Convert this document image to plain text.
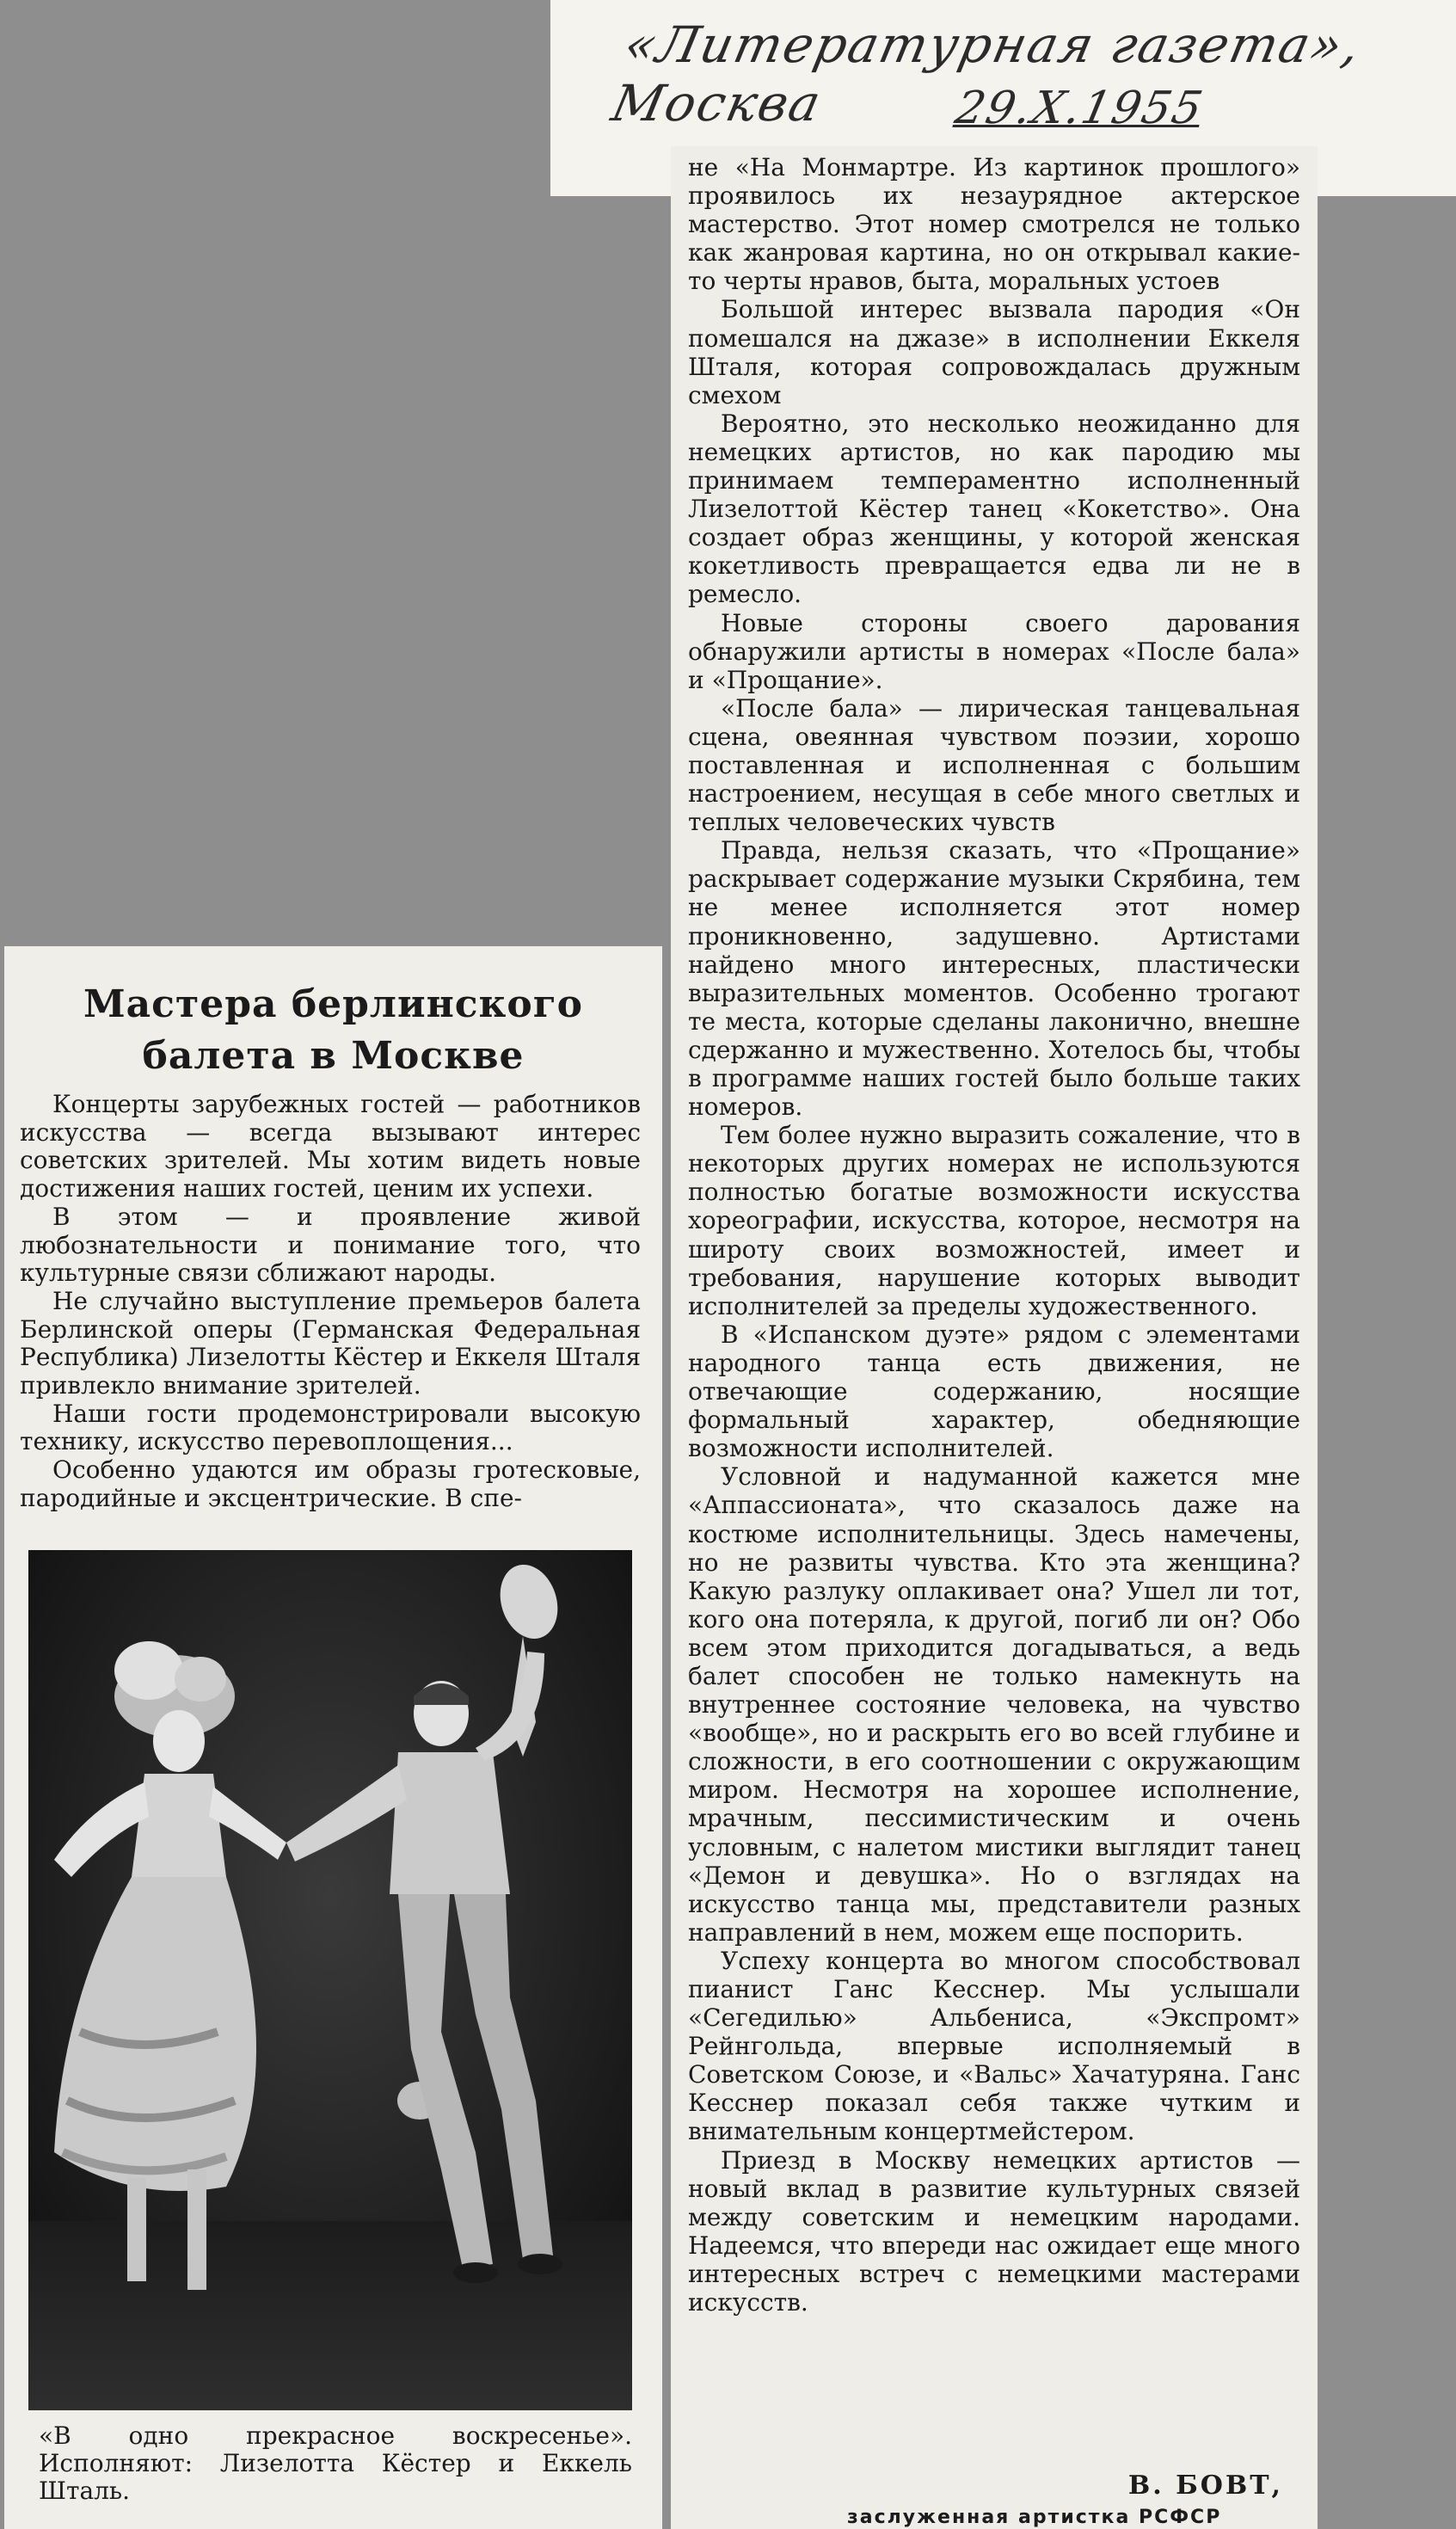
«Литературная газета», Москва	29.X.1955

не «На Монмартре. Из картинок прошлого» проявилось их незаурядное актерское мастерство. Этот номер смотрелся не только как жанровая картина, но он открывал какие-то черты нравов, быта, моральных устоев

Большой интерес вызвала пародия «Он помешался на джазе» в исполнении Еккеля Шталя, которая сопровождалась дружным смехом

Вероятно, это несколько неожиданно для немецких артистов, но как пародию мы принимаем темпераментно исполненный Лизелоттой Кёстер танец «Кокетство». Она создает образ женщины, у которой женская кокетливость превращается едва ли не в ремесло.

Новые стороны своего дарования обнаружили артисты в номерах «После бала» и «Прощание».

«После бала» — лирическая танцевальная сцена, овеянная чувством поэзии, хорошо поставленная и исполненная с большим настроением, несущая в себе много светлых и теплых человеческих чувств

Правда, нельзя сказать, что «Прощание» раскрывает содержание музыки Скрябина, тем не менее исполняется этот номер проникновенно, задушевно. Артистами найдено много интересных, пластически выразительных моментов. Особенно трогают те места, которые сделаны лаконично, внешне сдержанно и мужественно. Хотелось бы, чтобы в программе наших гостей было больше таких номеров.

Тем более нужно выразить сожаление, что в некоторых других номерах не используются полностью богатые возможности искусства хореографии, искусства, которое, несмотря на широту своих возможностей, имеет и требования, нарушение которых выводит исполнителей за пределы художественного.

В «Испанском дуэте» рядом с элементами народного танца есть движения, не отвечающие содержанию, носящие формальный характер, обедняющие возможности исполнителей.

Условной и надуманной кажется мне «Аппассионата», что сказалось даже на костюме исполнительницы. Здесь намечены, но не развиты чувства. Кто эта женщина? Какую разлуку оплакивает она? Ушел ли тот, кого она потеряла, к другой, погиб ли он? Обо всем этом приходится догадываться, а ведь балет способен не только намекнуть на внутреннее состояние человека, на чувство «вообще», но и раскрыть его во всей глубине и сложности, в его соотношении с окружающим миром. Несмотря на хорошее исполнение, мрачным, пессимистическим и очень условным, с налетом мистики выглядит танец «Демон и девушка». Но о взглядах на искусство танца мы, представители разных направлений в нем, можем еще поспорить.

Успеху концерта во многом способствовал пианист Ганс Кесснер. Мы услышали «Сегедилью» Альбениса, «Экспромт» Рейнгольда, впервые исполняемый в Советском Союзе, и «Вальс» Хачатуряна. Ганс Кесснер показал себя также чутким и внимательным концертмейстером.

Приезд в Москву немецких артистов — новый вклад в развитие культурных связей между советским и немецким народами. Надеемся, что впереди нас ожидает еще много интересных встреч с немецкими мастерами искусств.

В. БОВТ,
заслуженная артистка РСФСР
Мастера берлинского
балета в Москве

Концерты зарубежных гостей — работников искусства — всегда вызывают интерес советских зрителей. Мы хотим видеть новые достижения наших гостей, ценим их успехи.

В этом — и проявление живой любознательности и понимание того, что культурные связи сближают народы.

Не случайно выступление премьеров балета Берлинской оперы (Германская Федеральная Республика) Лизелотты Кёстер и Еккеля Шталя привлекло внимание зрителей.

Наши гости продемонстрировали высокую технику, искусство перевоплощения...

Особенно удаются им образы гротесковые, пародийные и эксцентрические. В спе-

«В одно прекрасное воскресенье». Исполняют: Лизелотта Кёстер и Еккель Шталь.
